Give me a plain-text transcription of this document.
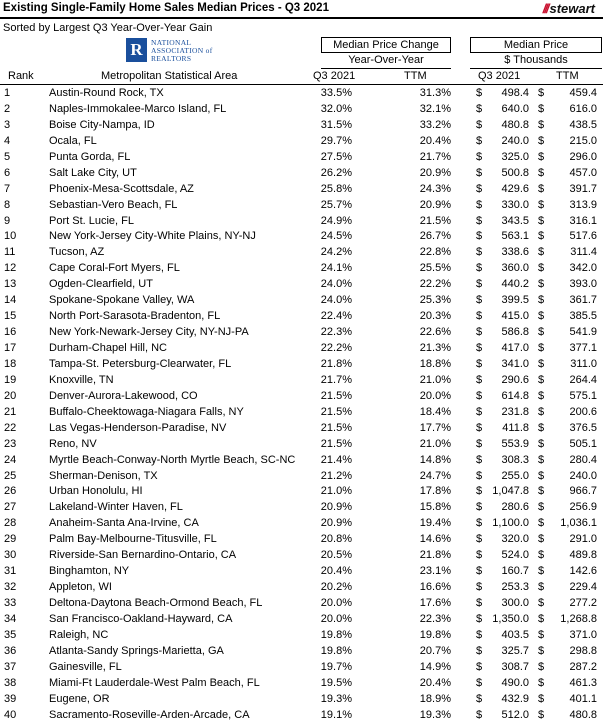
Existing Single-Family Home Sales Median Prices - Q3 2021	/// stewart
Sorted by Largest Q3 Year-Over-Year Gain
R	NATIONAL
ASSOCIATION of
REALTORS
Median Price Change
Year-Over-Year
Median Price
$ Thousands
Rank	Metropolitan Statistical Area	Q3 2021	TTM	Q3 2021	TTM
1	Austin-Round Rock, TX	33.5%	31.3% $	498.4 $	459.4
2	Naples-Immokalee-Marco Island, FL	32.0%	32.1% $	640.0 $	616.0
3	Boise City-Nampa, ID	31.5%	33.2% $	480.8 $	438.5
4	Ocala, FL	29.7%	20.4% $	240.0 $	215.0
5	Punta Gorda, FL	27.5%	21.7% $	325.0 $	296.0
6	Salt Lake City, UT	26.2%	20.9% $	500.8 $	457.0
7	Phoenix-Mesa-Scottsdale, AZ	25.8%	24.3% $	429.6 $	391.7
8	Sebastian-Vero Beach, FL	25.7%	20.9% $	330.0 $	313.9
9	Port St. Lucie, FL	24.9%	21.5% $	343.5 $	316.1
10	New York-Jersey City-White Plains, NY-NJ	24.5%	26.7% $	563.1 $	517.6
11	Tucson, AZ	24.2%	22.8% $	338.6 $	311.4
12	Cape Coral-Fort Myers, FL	24.1%	25.5% $	360.0 $	342.0
13	Ogden-Clearfield, UT	24.0%	22.2% $	440.2 $	393.0
14	Spokane-Spokane Valley, WA	24.0%	25.3% $	399.5 $	361.7
15	North Port-Sarasota-Bradenton, FL	22.4%	20.3% $	415.0 $	385.5
16	New York-Newark-Jersey City, NY-NJ-PA	22.3%	22.6% $	586.8 $	541.9
17	Durham-Chapel Hill, NC	22.2%	21.3% $	417.0 $	377.1
18	Tampa-St. Petersburg-Clearwater, FL	21.8%	18.8% $	341.0 $	311.0
19	Knoxville, TN	21.7%	21.0% $	290.6 $	264.4
20	Denver-Aurora-Lakewood, CO	21.5%	20.0% $	614.8 $	575.1
21	Buffalo-Cheektowaga-Niagara Falls, NY	21.5%	18.4% $	231.8 $	200.6
22	Las Vegas-Henderson-Paradise, NV	21.5%	17.7% $	411.8 $	376.5
23	Reno, NV	21.5%	21.0% $	553.9 $	505.1
24	Myrtle Beach-Conway-North Myrtle Beach, SC-NC	21.4%	14.8% $	308.3 $	280.4
25	Sherman-Denison, TX	21.2%	24.7% $	255.0 $	240.0
26	Urban Honolulu, HI	21.0%	17.8% $ 1,047.8 $	966.7
27	Lakeland-Winter Haven, FL	20.9%	15.8% $	280.6 $	256.9
28	Anaheim-Santa Ana-Irvine, CA	20.9%	19.4% $ 1,100.0 $	1,036.1
29	Palm Bay-Melbourne-Titusville, FL	20.8%	14.6% $	320.0 $	291.0
30	Riverside-San Bernardino-Ontario, CA	20.5%	21.8% $	524.0 $	489.8
31	Binghamton, NY	20.4%	23.1% $	160.7 $	142.6
32	Appleton, WI	20.2%	16.6% $	253.3 $	229.4
33	Deltona-Daytona Beach-Ormond Beach, FL	20.0%	17.6% $	300.0 $	277.2
34	San Francisco-Oakland-Hayward, CA	20.0%	22.3% $ 1,350.0 $	1,268.8
35	Raleigh, NC	19.8%	19.8% $	403.5 $	371.0
36	Atlanta-Sandy Springs-Marietta, GA	19.8%	20.7% $	325.7 $	298.8
37	Gainesville, FL	19.7%	14.9% $	308.7 $	287.2
38	Miami-Ft Lauderdale-West Palm Beach, FL	19.5%	20.4% $	490.0 $	461.3
39	Eugene, OR	19.3%	18.9% $	432.9 $	401.1
40	Sacramento-Roseville-Arden-Arcade, CA	19.1%	19.3% $	512.0 $	480.8
